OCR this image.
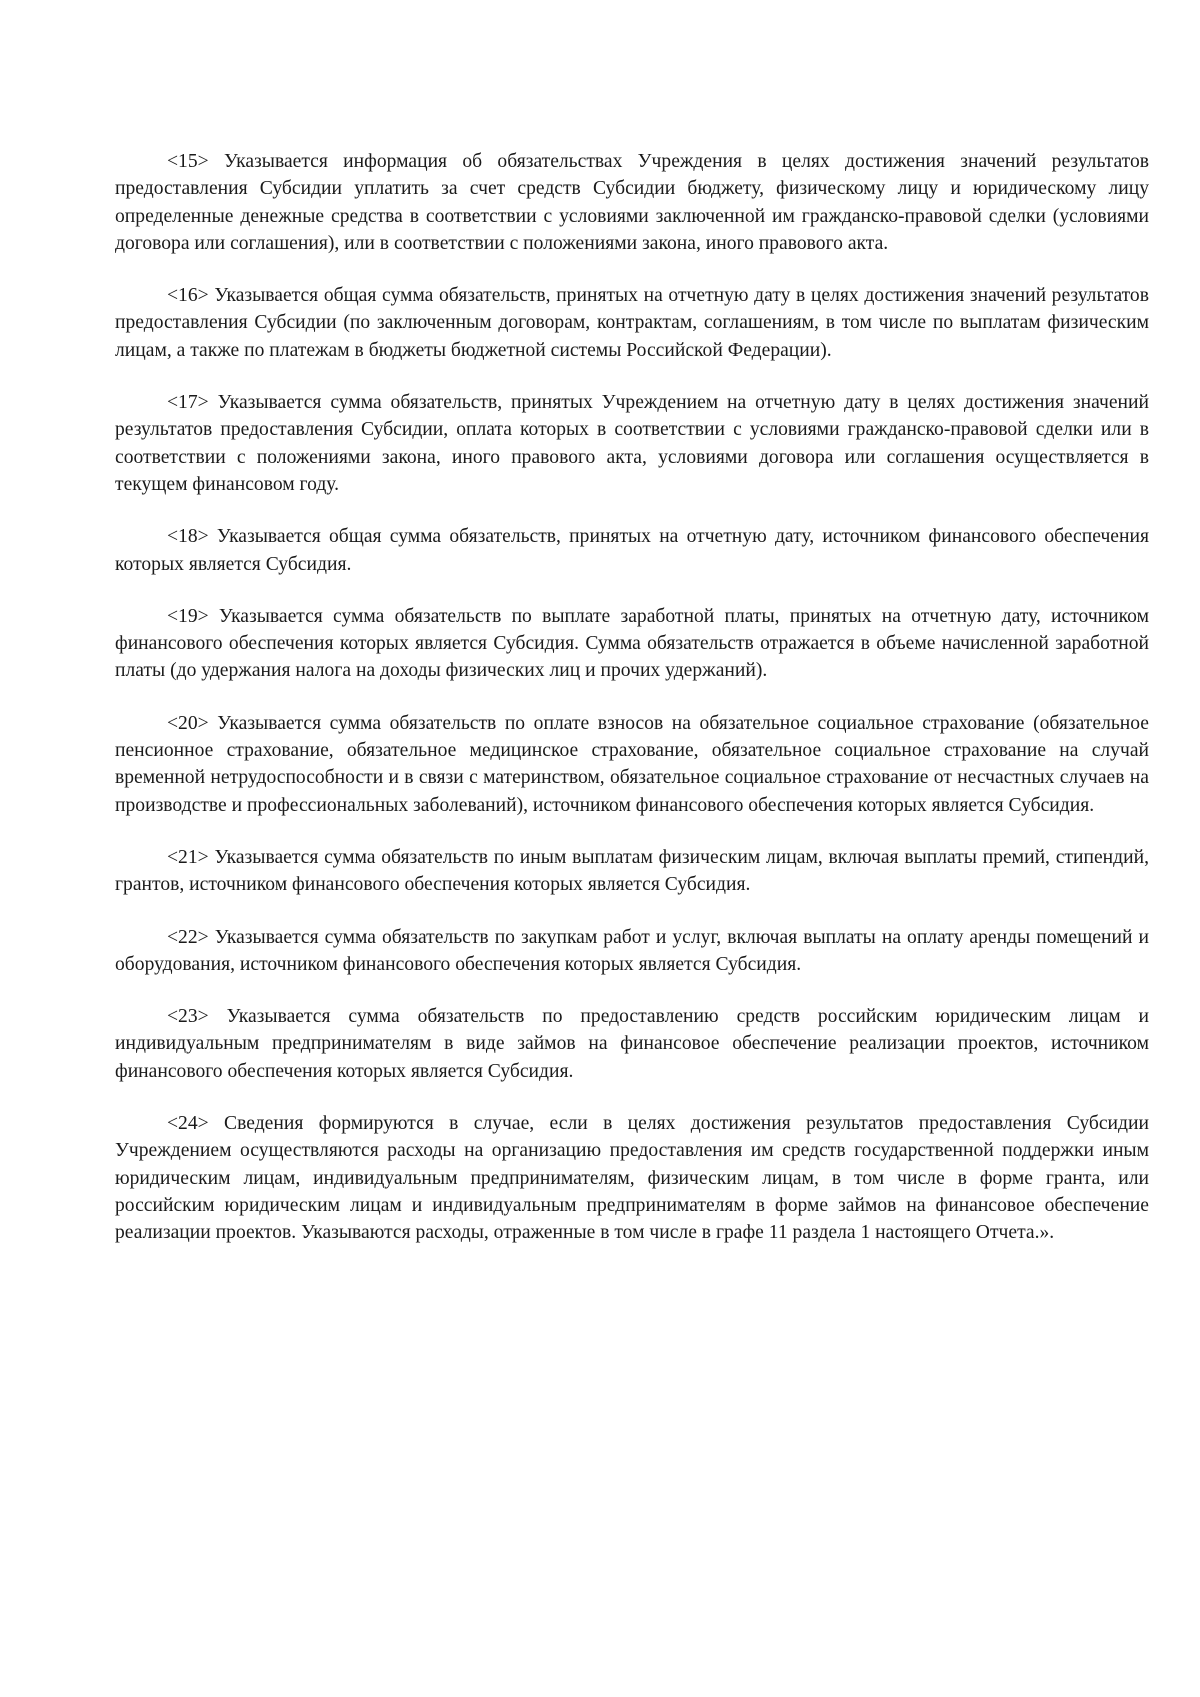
<15> Указывается информация об обязательствах Учреждения в целях достижения значений результатов предоставления Субсидии уплатить за счет средств Субсидии бюджету, физическому лицу и юридическому лицу определенные денежные средства в соответствии с условиями заключенной им гражданско-правовой сделки (условиями договора или соглашения), или в соответствии с положениями закона, иного правового акта.

<16> Указывается общая сумма обязательств, принятых на отчетную дату в целях достижения значений результатов предоставления Субсидии (по заключенным договорам, контрактам, соглашениям, в том числе по выплатам физическим лицам, а также по платежам в бюджеты бюджетной системы Российской Федерации).

<17> Указывается сумма обязательств, принятых Учреждением на отчетную дату в целях достижения значений результатов предоставления Субсидии, оплата которых в соответствии с условиями гражданско-правовой сделки или в соответствии с положениями закона, иного правового акта, условиями договора или соглашения осуществляется в текущем финансовом году.

<18> Указывается общая сумма обязательств, принятых на отчетную дату, источником финансового обеспечения которых является Субсидия.

<19> Указывается сумма обязательств по выплате заработной платы, принятых на отчетную дату, источником финансового обеспечения которых является Субсидия. Сумма обязательств отражается в объеме начисленной заработной платы (до удержания налога на доходы физических лиц и прочих удержаний).

<20> Указывается сумма обязательств по оплате взносов на обязательное социальное страхование (обязательное пенсионное страхование, обязательное медицинское страхование, обязательное социальное страхование на случай временной нетрудоспособности и в связи с материнством, обязательное социальное страхование от несчастных случаев на производстве и профессиональных заболеваний), источником финансового обеспечения которых является Субсидия.

<21> Указывается сумма обязательств по иным выплатам физическим лицам, включая выплаты премий, стипендий, грантов, источником финансового обеспечения которых является Субсидия.

<22> Указывается сумма обязательств по закупкам работ и услуг, включая выплаты на оплату аренды помещений и оборудования, источником финансового обеспечения которых является Субсидия.

<23> Указывается сумма обязательств по предоставлению средств российским юридическим лицам и индивидуальным предпринимателям в виде займов на финансовое обеспечение реализации проектов, источником финансового обеспечения которых является Субсидия.

<24> Сведения формируются в случае, если в целях достижения результатов предоставления Субсидии Учреждением осуществляются расходы на организацию предоставления им средств государственной поддержки иным юридическим лицам, индивидуальным предпринимателям, физическим лицам, в том числе в форме гранта, или российским юридическим лицам и индивидуальным предпринимателям в форме займов на финансовое обеспечение реализации проектов. Указываются расходы, отраженные в том числе в графе 11 раздела 1 настоящего Отчета.».
